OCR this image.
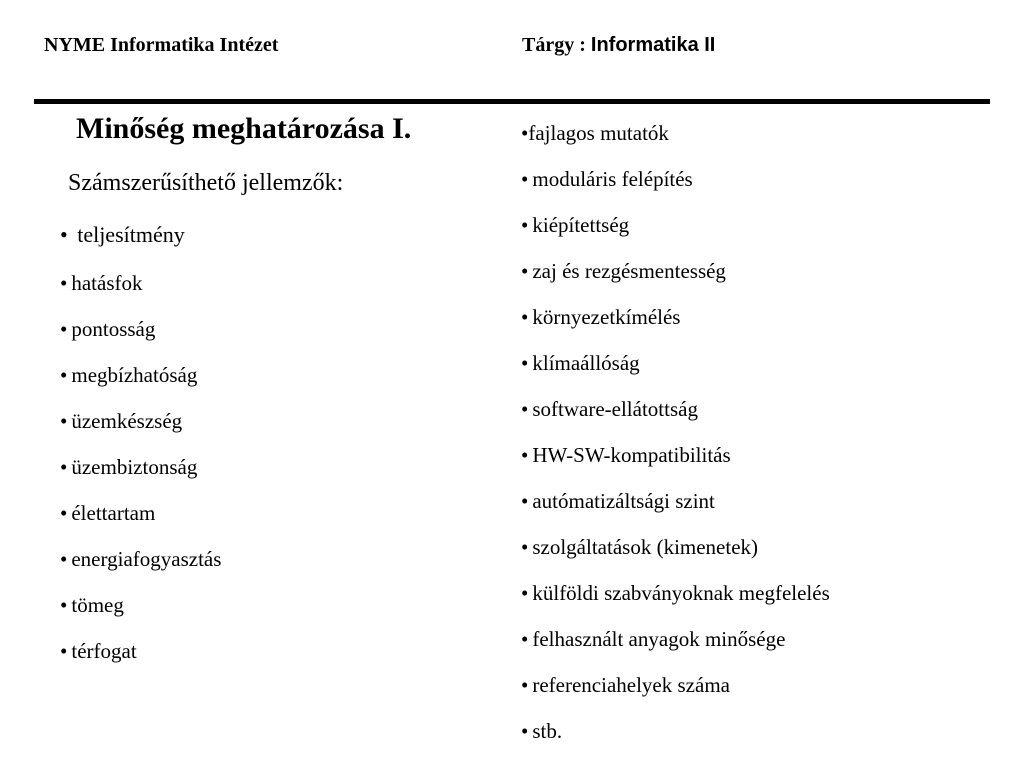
NYME Informatika Intézet	Tárgy : Informatika II
Minőség meghatározása I.
Számszerűsíthető jellemzők:
• teljesítmény
• hatásfok
• pontosság
• megbízhatóság
• üzemkészség
• üzembiztonság
• élettartam
• energiafogyasztás
• tömeg
• térfogat
•fajlagos mutatók
• moduláris felépítés
• kiépítettség
• zaj és rezgésmentesség
• környezetkímélés
• klímaállóság
• software-ellátottság
• HW-SW-kompatibilitás
• autómatizáltsági szint
• szolgáltatások (kimenetek)
• külföldi szabványoknak megfelelés
• felhasznált anyagok minősége
• referenciahelyek száma
• stb.
